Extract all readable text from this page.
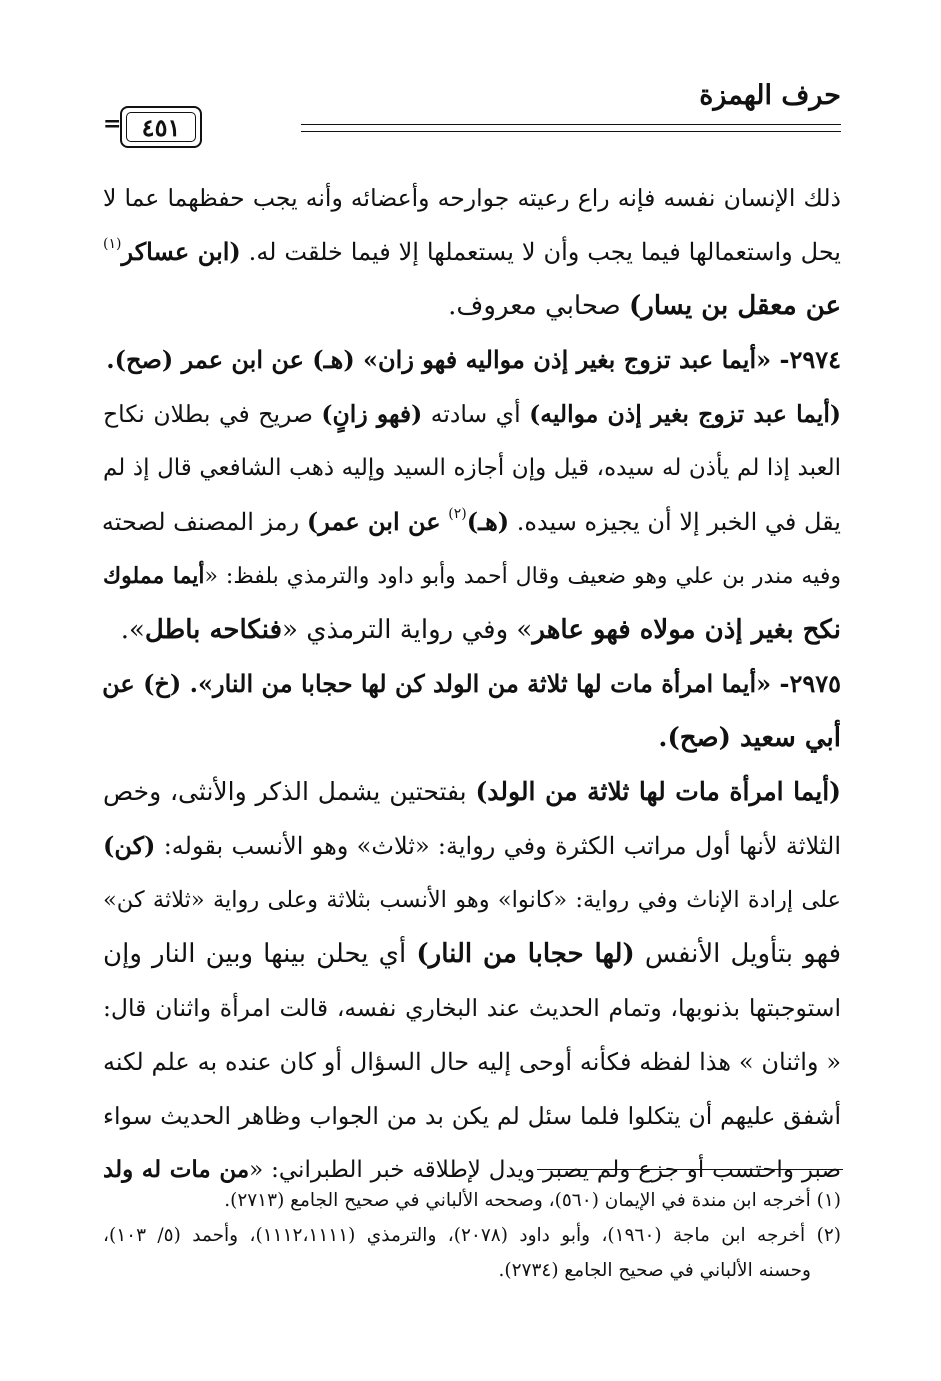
حرف الهمزة
٤٥١
=
ذلك الإنسان نفسه فإنه راع رعيته جوارحه وأعضائه وأنه يجب حفظهما عما لا
يحل واستعمالها فيما يجب وأن لا يستعملها إلا فيما خلقت له. (ابن عساكر$^{(١)}$
عن معقل بن يسار) صحابي معروف.
٢٩٧٤- «أيما عبد تزوج بغير إذن مواليه فهو زان» (هـ) عن ابن عمر (صح).
(أيما عبد تزوج بغير إذن مواليه) أي سادته (فهو زانٍ) صريح في بطلان نكاح
العبد إذا لم يأذن له سيده، قيل وإن أجازه السيد وإليه ذهب الشافعي قال إذ لم
يقل في الخبر إلا أن يجيزه سيده. (هـ)$^{(٢)}$ عن ابن عمر) رمز المصنف لصحته
وفيه مندر بن علي وهو ضعيف وقال أحمد وأبو داود والترمذي بلفظ: «أيما مملوك
نكح بغير إذن مولاه فهو عاهر» وفي رواية الترمذي «فنكاحه باطل».
٢٩٧٥- «أيما امرأة مات لها ثلاثة من الولد كن لها حجابا من النار». (خ) عن
أبي سعيد (صح).
(أيما امرأة مات لها ثلاثة من الولد) بفتحتين يشمل الذكر والأنثى، وخص
الثلاثة لأنها أول مراتب الكثرة وفي رواية: «ثلاث» وهو الأنسب بقوله: (كن)
على إرادة الإناث وفي رواية: «كانوا» وهو الأنسب بثلاثة وعلى رواية «ثلاثة كن»
فهو بتأويل الأنفس (لها حجابا من النار) أي يحلن بينها وبين النار وإن
استوجبتها بذنوبها، وتمام الحديث عند البخاري نفسه، قالت امرأة واثنان قال:
« واثنان » هذا لفظه فكأنه أوحى إليه حال السؤال أو كان عنده به علم لكنه
أشفق عليهم أن يتكلوا فلما سئل لم يكن بد من الجواب وظاهر الحديث سواء
صبر واحتسب أو جزع ولم يصبر ويدل لإطلاقه خبر الطبراني: «من مات له ولد
(١) أخرجه ابن مندة في الإيمان (٥٦٠)، وصححه الألباني في صحيح الجامع (٢٧١٣).
(٢) أخرجه ابن ماجة (١٩٦٠)، وأبو داود (٢٠٧٨)، والترمذي (١١١٢،١١١١)، وأحمد (٥/ ١٠٣)،
وحسنه الألباني في صحيح الجامع (٢٧٣٤).
